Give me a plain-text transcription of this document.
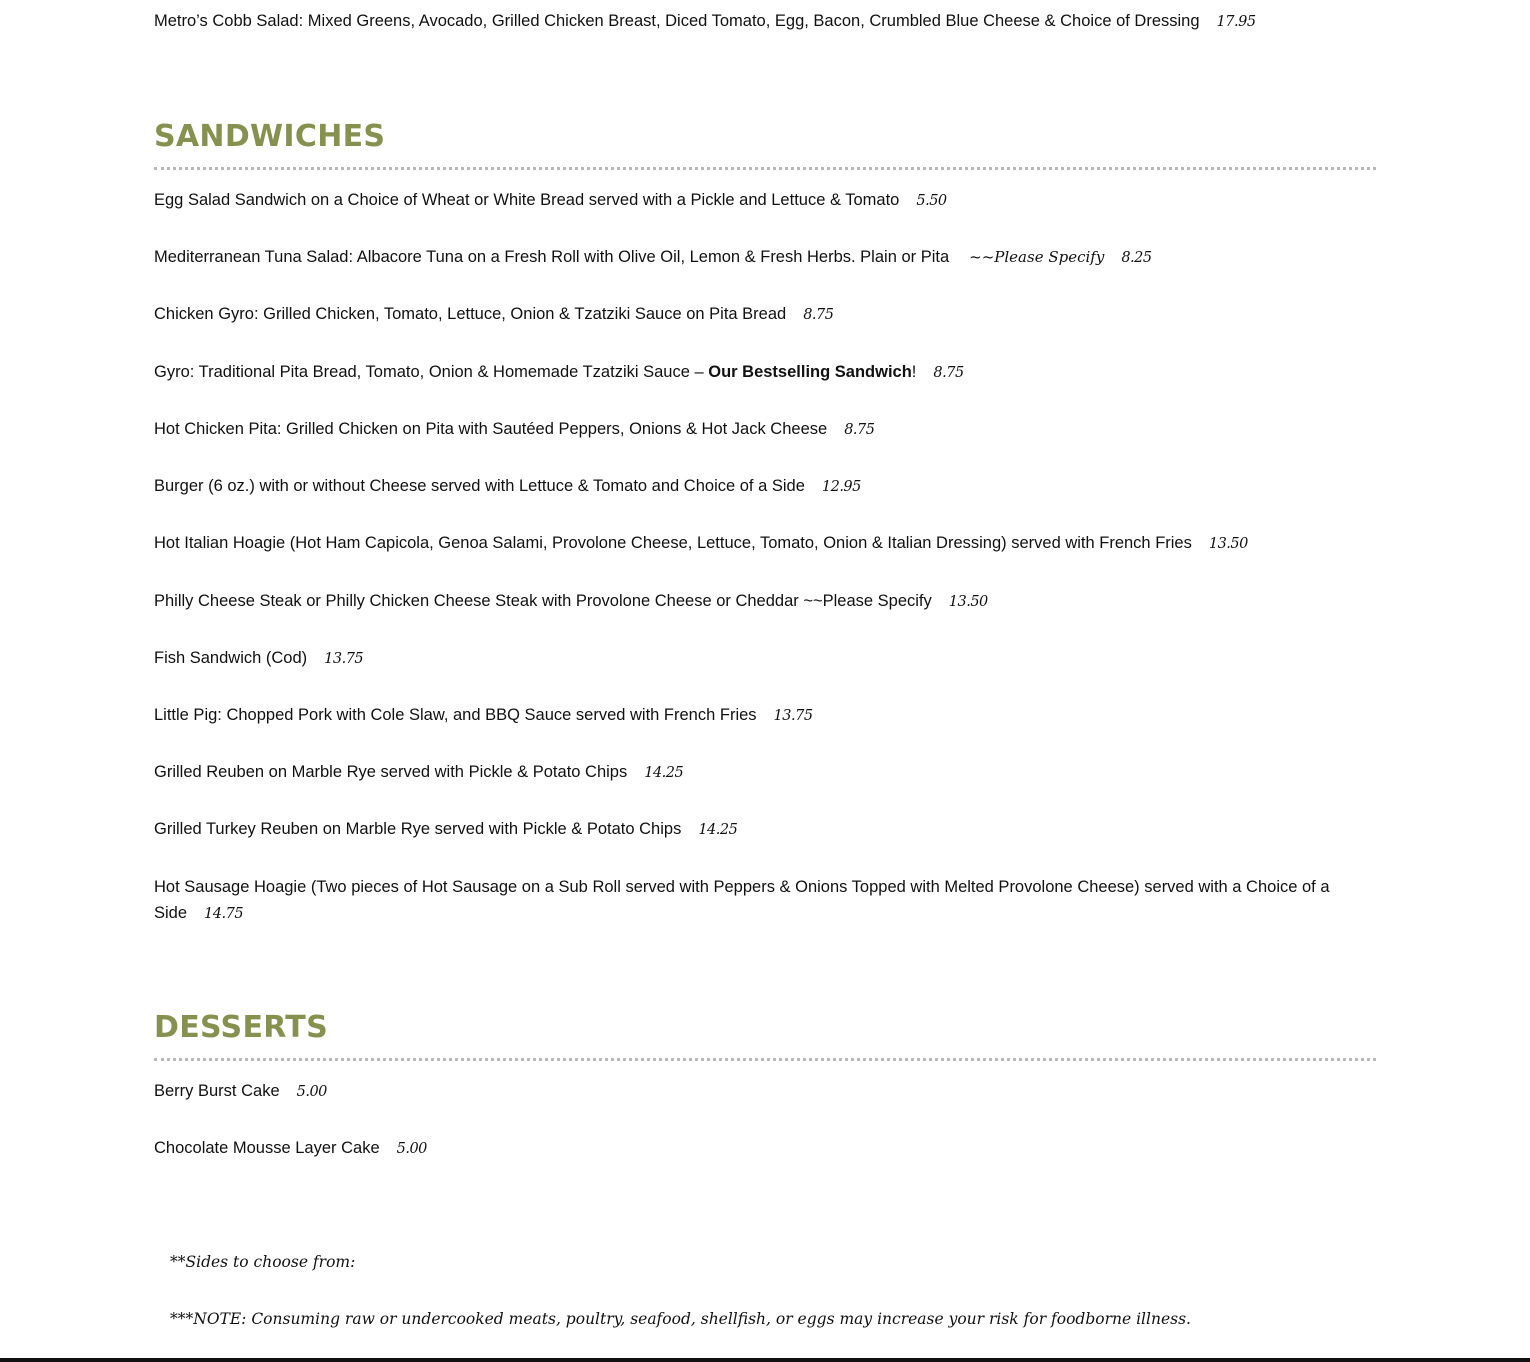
Metro’s Cobb Salad: Mixed Greens, Avocado, Grilled Chicken Breast, Diced Tomato, Egg, Bacon, Crumbled Blue Cheese & Choice of Dressing 17.95
SANDWICHES
Egg Salad Sandwich on a Choice of Wheat or White Bread served with a Pickle and Lettuce & Tomato 5.50
Mediterranean Tuna Salad: Albacore Tuna on a Fresh Roll with Olive Oil, Lemon & Fresh Herbs. Plain or Pita ~~Please Specify 8.25
Chicken Gyro: Grilled Chicken, Tomato, Lettuce, Onion & Tzatziki Sauce on Pita Bread 8.75
Gyro: Traditional Pita Bread, Tomato, Onion & Homemade Tzatziki Sauce – Our Bestselling Sandwich! 8.75
Hot Chicken Pita: Grilled Chicken on Pita with Sautéed Peppers, Onions & Hot Jack Cheese 8.75
Burger (6 oz.) with or without Cheese served with Lettuce & Tomato and Choice of a Side 12.95
Hot Italian Hoagie (Hot Ham Capicola, Genoa Salami, Provolone Cheese, Lettuce, Tomato, Onion & Italian Dressing) served with French Fries 13.50
Philly Cheese Steak or Philly Chicken Cheese Steak with Provolone Cheese or Cheddar ~~Please Specify 13.50
Fish Sandwich (Cod) 13.75
Little Pig: Chopped Pork with Cole Slaw, and BBQ Sauce served with French Fries 13.75
Grilled Reuben on Marble Rye served with Pickle & Potato Chips 14.25
Grilled Turkey Reuben on Marble Rye served with Pickle & Potato Chips 14.25
Hot Sausage Hoagie (Two pieces of Hot Sausage on a Sub Roll served with Peppers & Onions Topped with Melted Provolone Cheese) served with a Choice of a Side 14.75
DESSERTS
Berry Burst Cake 5.00
Chocolate Mousse Layer Cake 5.00
**Sides to choose from:
***NOTE: Consuming raw or undercooked meats, poultry, seafood, shellfish, or eggs may increase your risk for foodborne illness.
